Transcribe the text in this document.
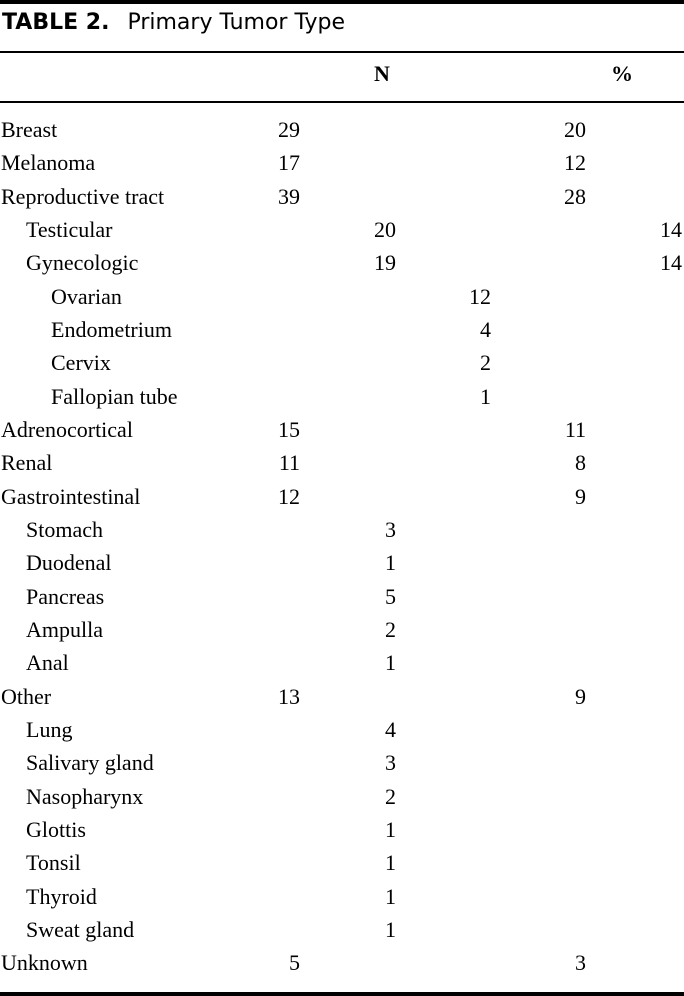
TABLE 2. Primary Tumor Type
N	%
Breast	29	20
Melanoma	17	12
Reproductive tract	39	28
Testicular	20	14
Gynecologic	19	14
Ovarian	12
Endometrium	4
Cervix	2
Fallopian tube	1
Adrenocortical	15	11
Renal	11	8
Gastrointestinal	12	9
Stomach	3
Duodenal	1
Pancreas	5
Ampulla	2
Anal	1
Other	13	9
Lung	4
Salivary gland	3
Nasopharynx	2
Glottis	1
Tonsil	1
Thyroid	1
Sweat gland	1
Unknown	5	3
